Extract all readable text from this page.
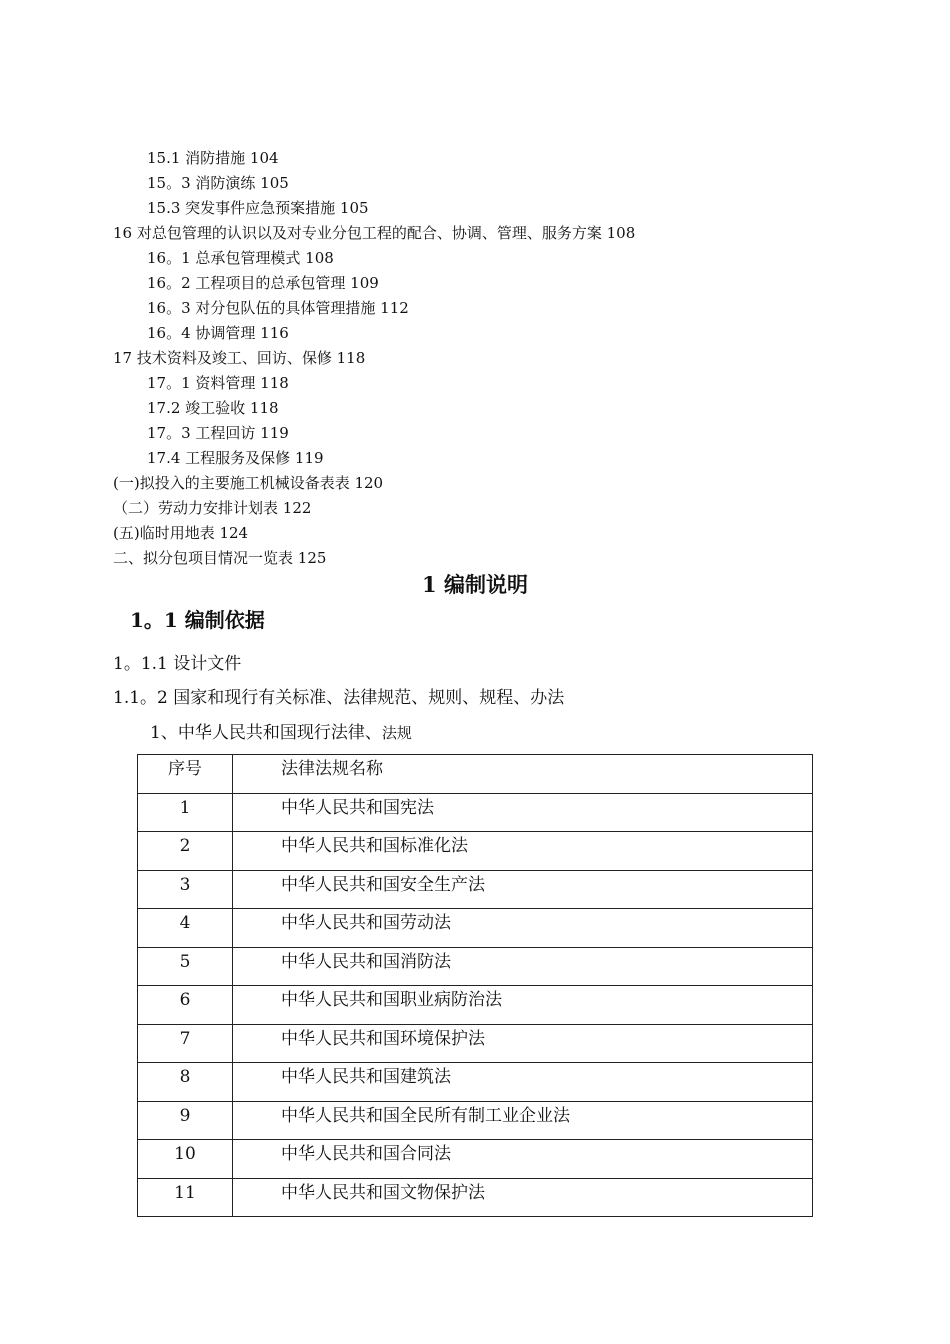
15.1 消防措施 104
15。3 消防演练 105
15.3 突发事件应急预案措施 105
16 对总包管理的认识以及对专业分包工程的配合、协调、管理、服务方案 108
16。1 总承包管理模式 108
16。2 工程项目的总承包管理 109
16。3 对分包队伍的具体管理措施 112
16。4 协调管理 116
17 技术资料及竣工、回访、保修 118
17。1 资料管理 118
17.2 竣工验收 118
17。3 工程回访 119
17.4 工程服务及保修 119
(一)拟投入的主要施工机械设备表表 120
（二）劳动力安排计划表 122
(五)临时用地表 124
二、拟分包项目情况一览表 125
1 编制说明
1。1 编制依据
1。1.1 设计文件
1.1。2 国家和现行有关标准、法律规范、规则、规程、办法
1、中华人民共和国现行法律、法规
序号	法律法规名称
1	中华人民共和国宪法
2	中华人民共和国标准化法
3	中华人民共和国安全生产法
4	中华人民共和国劳动法
5	中华人民共和国消防法
6	中华人民共和国职业病防治法
7	中华人民共和国环境保护法
8	中华人民共和国建筑法
9	中华人民共和国全民所有制工业企业法
10	中华人民共和国合同法
11	中华人民共和国文物保护法
